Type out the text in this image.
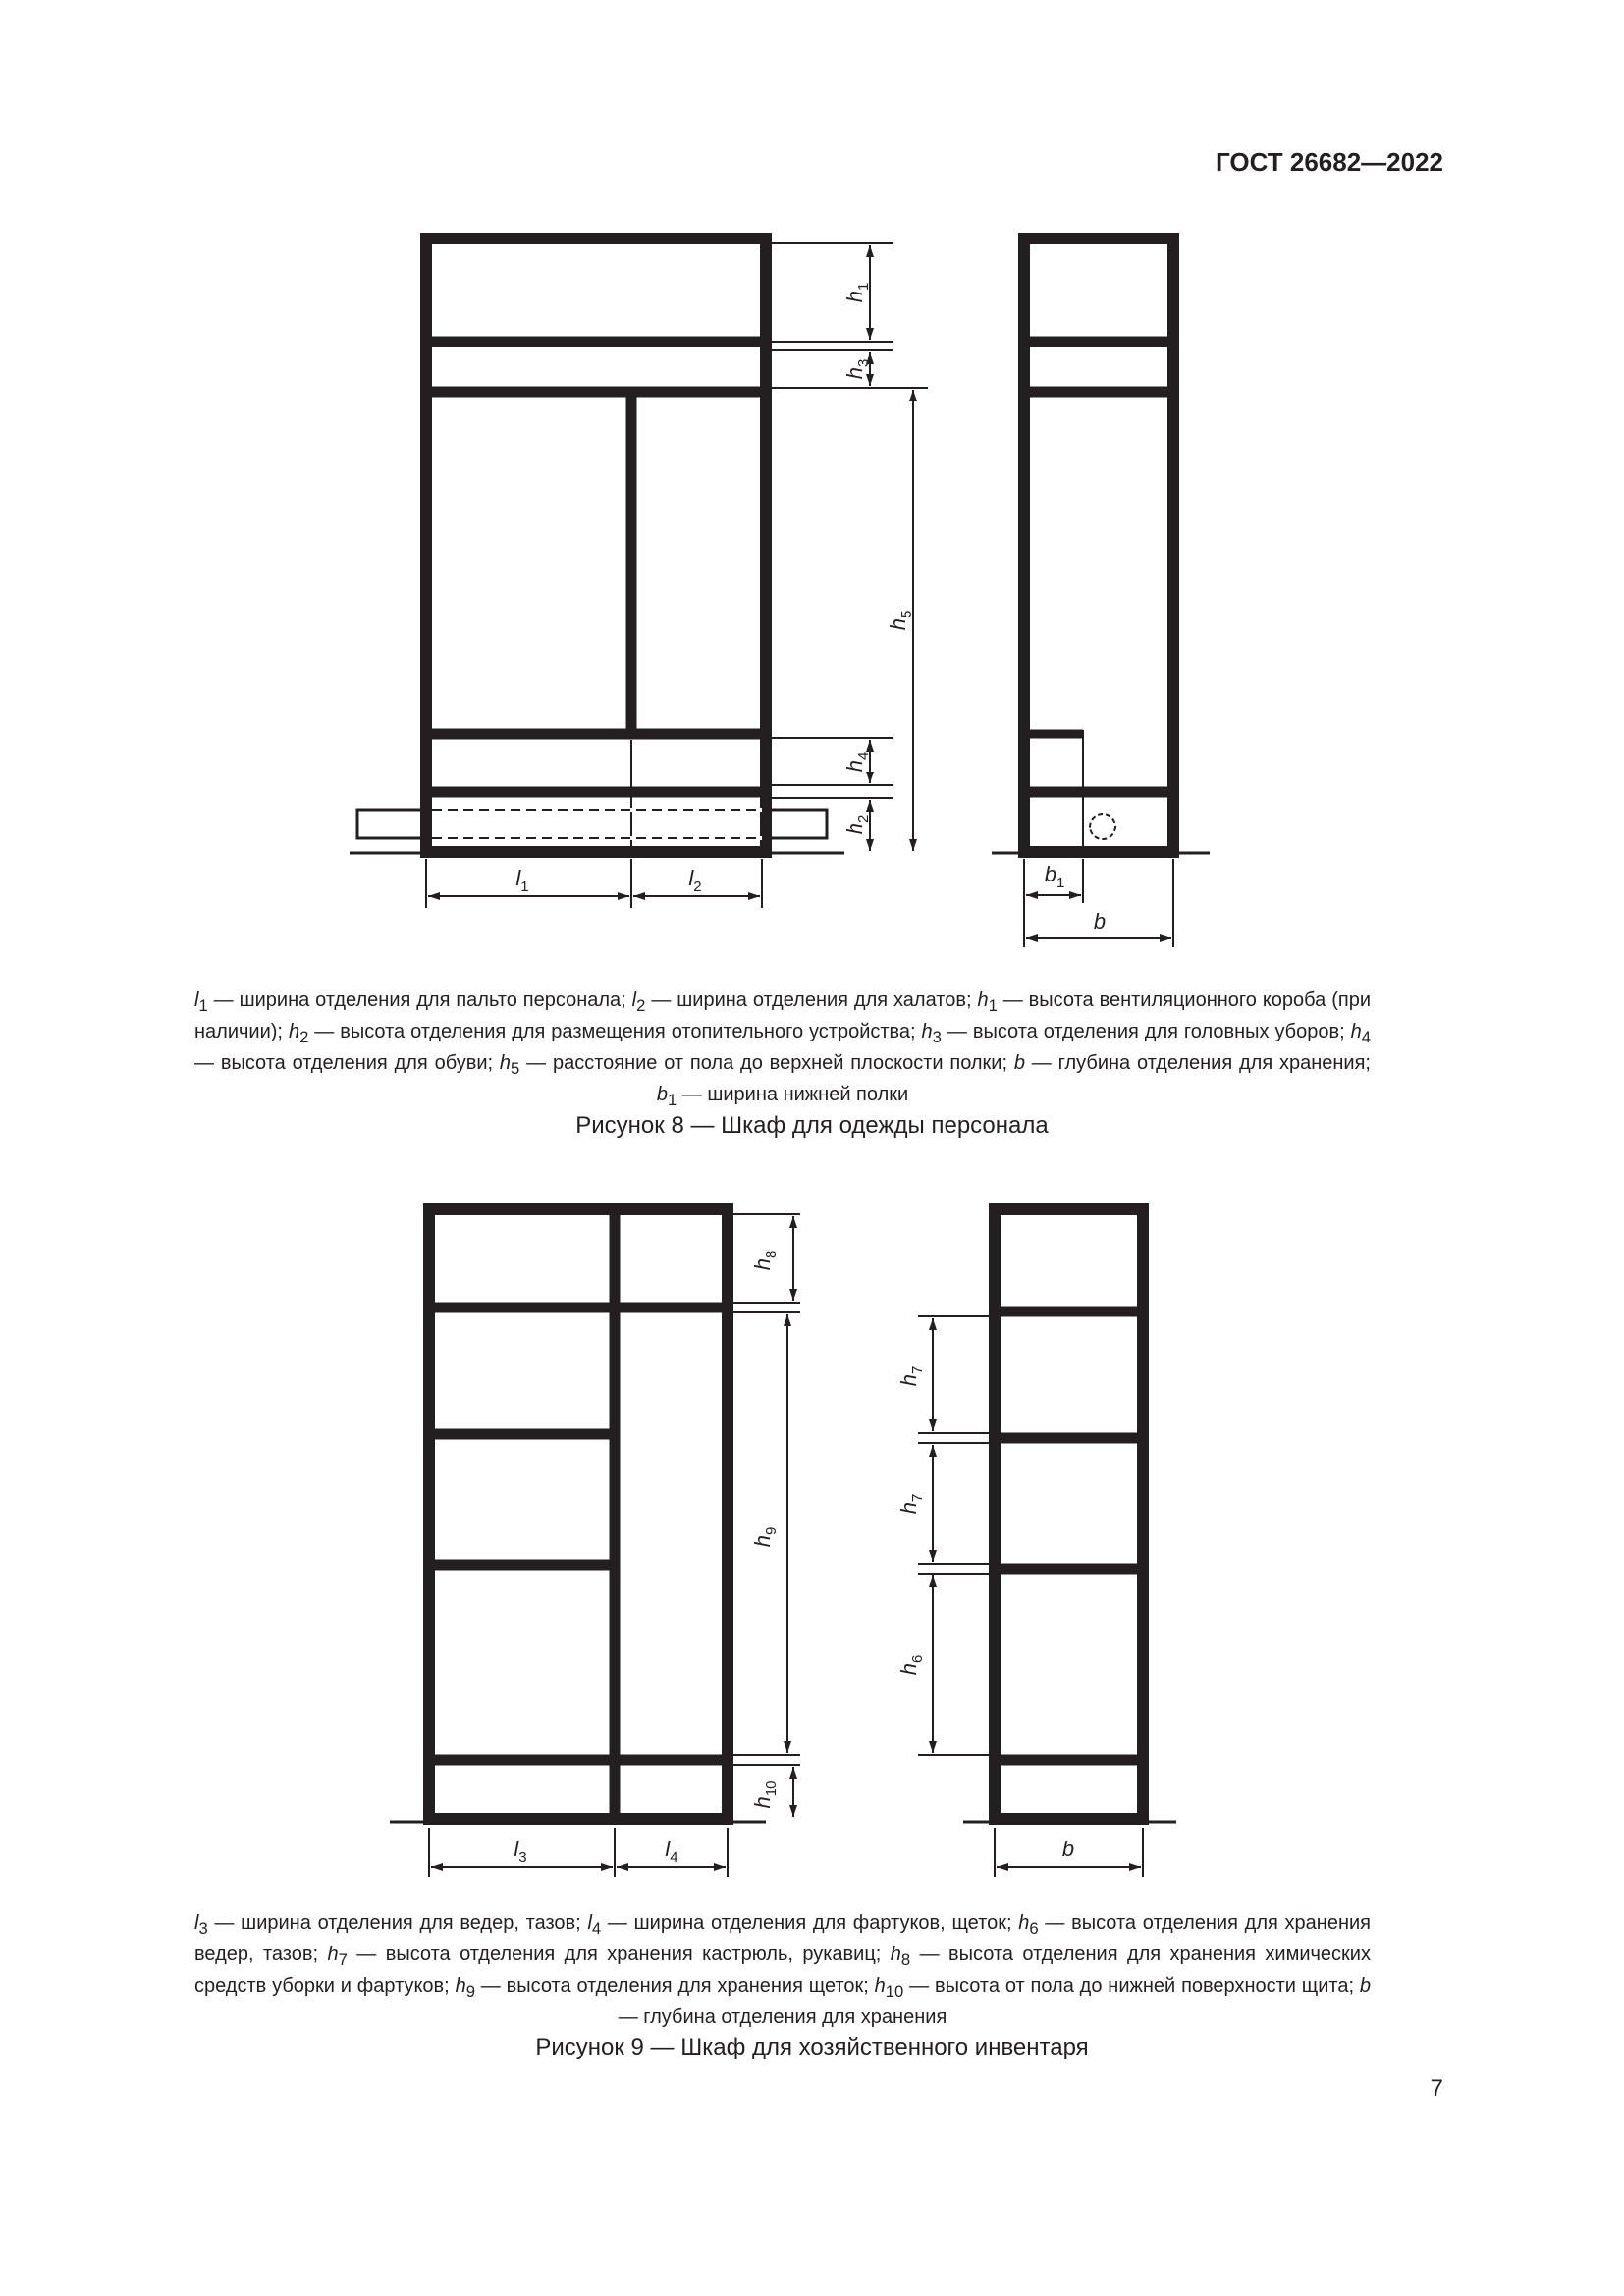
ГОСТ 26682—2022
$h_1$
$h_3$
$h_5$
$h_4$
$h_2$
$l_1$	$l_2$
$b_1$
b
$l_1$ — ширина отделения для пальто персонала; $l_2$ — ширина отделения для халатов; $h_1$ — высота вентиляционного короба (при наличии); $h_2$ — высота отделения для размещения отопительного устройства; $h_3$ — высота отделения для головных уборов; $h_4$ — высота отделения для обуви; $h_5$ — расстояние от пола до верхней плоскости полки; b — глубина отделения для хранения; $b_1$ — ширина нижней полки
Рисунок 8 — Шкаф для одежды персонала
$h_8$
$h_9$
$h_{10}$
$l_3$	$l_4$
$h_7$
$h_7$
$h_6$
b
$l_3$ — ширина отделения для ведер, тазов; $l_4$ — ширина отделения для фартуков, щеток; $h_6$ — высота отделения для хранения ведер, тазов; $h_7$ — высота отделения для хранения кастрюль, рукавиц; $h_8$ — высота отделения для хранения химических средств уборки и фартуков; $h_9$ — высота отделения для хранения щеток; $h_{10}$ — высота от пола до нижней поверхности щита; b — глубина отделения для хранения
Рисунок 9 — Шкаф для хозяйственного инвентаря
7
